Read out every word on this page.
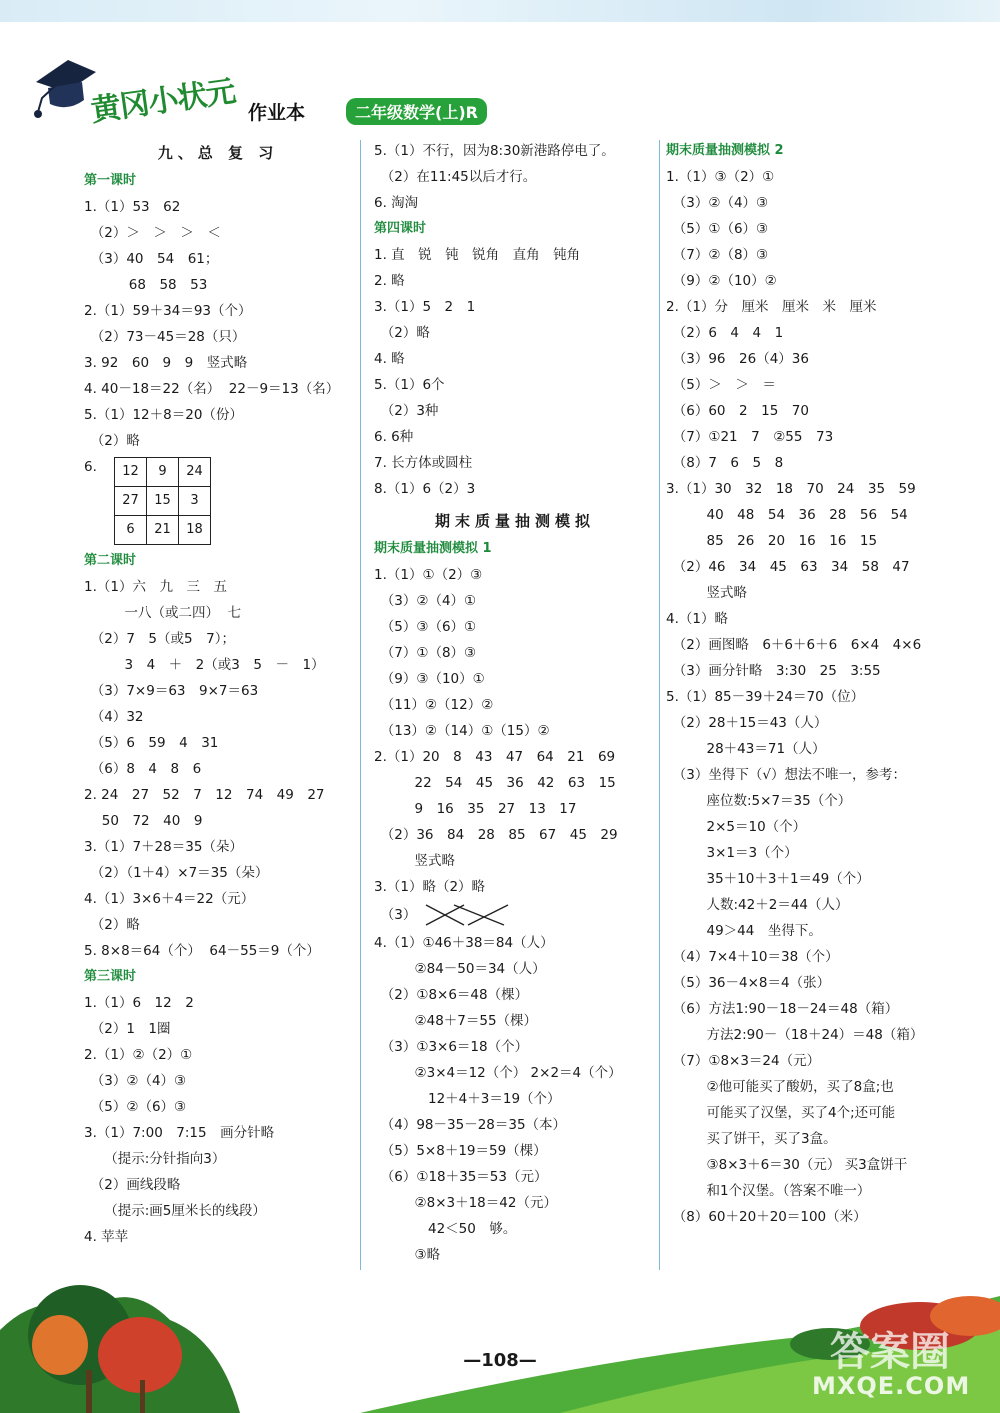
黄冈小状元 作业本	二年级数学(上)R
九、总 复 习
第一课时
1.（1）53　62
　（2）＞　＞　＞　＜
　（3）40　54　61；
　　　 68　58　53
2.（1）59＋34＝93（个）
　（2）73－45＝28（只）
3. 92　60　9　9　竖式略
4. 40－18＝22（名）  22－9＝13（名）
5.（1）12＋8＝20（份）
　（2）略
6. 12	9	24
27	15	3
6	21	18
第二课时
1.（1）六　九　三　五
　　　一八（或二四）  七
　（2）7　5（或5　7）；
　　　3　4　＋　2（或3　5　－　1）
　（3）7×9＝63　9×7＝63
　（4）32
　（5）6　59　4　31
　（6）8　4　8　6
2. 24　27　52　7　12　74　49　27
　 50　72　40　9
3.（1）7＋28＝35（朵）
　（2）（1＋4）×7＝35（朵）
4.（1）3×6＋4＝22（元）
　（2）略
5. 8×8＝64（个）  64－55＝9（个）
第三课时
1.（1）6　12　2
　（2）1　1圈
2.（1）②（2）①
　（3）②（4）③
　（5）②（6）③
3.（1）7:00　7:15　画分针略
　　（提示:分针指向3）
　（2）画线段略
　　（提示:画5厘米长的线段）
4. 苹苹
5.（1）不行，因为8:30新港路停电了。
　（2）在11:45以后才行。
6. 淘淘
第四课时
1. 直　锐　钝　锐角　直角　钝角
2. 略
3.（1）5　2　1
　（2）略
4. 略
5.（1）6个
　（2）3种
6. 6种
7. 长方体或圆柱
8.（1）6（2）3
期末质量抽测模拟
期末质量抽测模拟 1
1.（1）①（2）③
　（3）②（4）①
　（5）③（6）①
　（7）①（8）③
　（9）③（10）①
　（11）②（12）②
　（13）②（14）①（15）②
2.（1）20　8　43　47　64　21　69
　　　22　54　45　36　42　63　15
　　　9　16　35　27　13　17
　（2）36　84　28　85　67　45　29
　　　竖式略
3.（1）略（2）略
　（3）
4.（1）①46＋38＝84（人）
　　　②84－50＝34（人）
　（2）①8×6＝48（棵）
　　　②48＋7＝55（棵）
　（3）①3×6＝18（个）
　　　②3×4＝12（个） 2×2＝4（个）
　　　　12＋4＋3＝19（个）
　（4）98－35－28＝35（本）
　（5）5×8＋19＝59（棵）
　（6）①18＋35＝53（元）
　　　②8×3＋18＝42（元）
　　　　42＜50　够。
　　　③略
期末质量抽测模拟 2
1.（1）③（2）①
　（3）②（4）③
　（5）①（6）③
　（7）②（8）③
　（9）②（10）②
2.（1）分　厘米　厘米　米　厘米
　（2）6　4　4　1
　（3）96　26（4）36
　（5）＞　＞　＝
　（6）60　2　15　70
　（7）①21　7　②55　73
　（8）7　6　5　8
3.（1）30　32　18　70　24　35　59
　　　40　48　54　36　28　56　54
　　　85　26　20　16　16　15
　（2）46　34　45　63　34　58　47
　　　竖式略
4.（1）略
　（2）画图略　6＋6＋6＋6　6×4　4×6
　（3）画分针略　3:30　25　3:55
5.（1）85－39＋24＝70（位）
　（2）28＋15＝43（人）
　　　28＋43＝71（人）
　（3）坐得下（√）想法不唯一，参考：
　　　座位数:5×7＝35（个）
　　　2×5＝10（个）
　　　3×1＝3（个）
　　　35＋10＋3＋1＝49（个）
　　　人数:42＋2＝44（人）
　　　49＞44　坐得下。
　（4）7×4＋10＝38（个）
　（5）36－4×8＝4（张）
　（6）方法1:90－18－24＝48（箱）
　　　方法2:90－（18＋24）＝48（箱）
　（7）①8×3＝24（元）
　　　②他可能买了酸奶，买了8盒;也
　　　可能买了汉堡，买了4个;还可能
　　　买了饼干，买了3盒。
　　　③8×3＋6＝30（元） 买3盒饼干
　　　和1个汉堡。（答案不唯一）
　（8）60＋20＋20＝100（米）
—108—	答案圈
MXQE.COM
